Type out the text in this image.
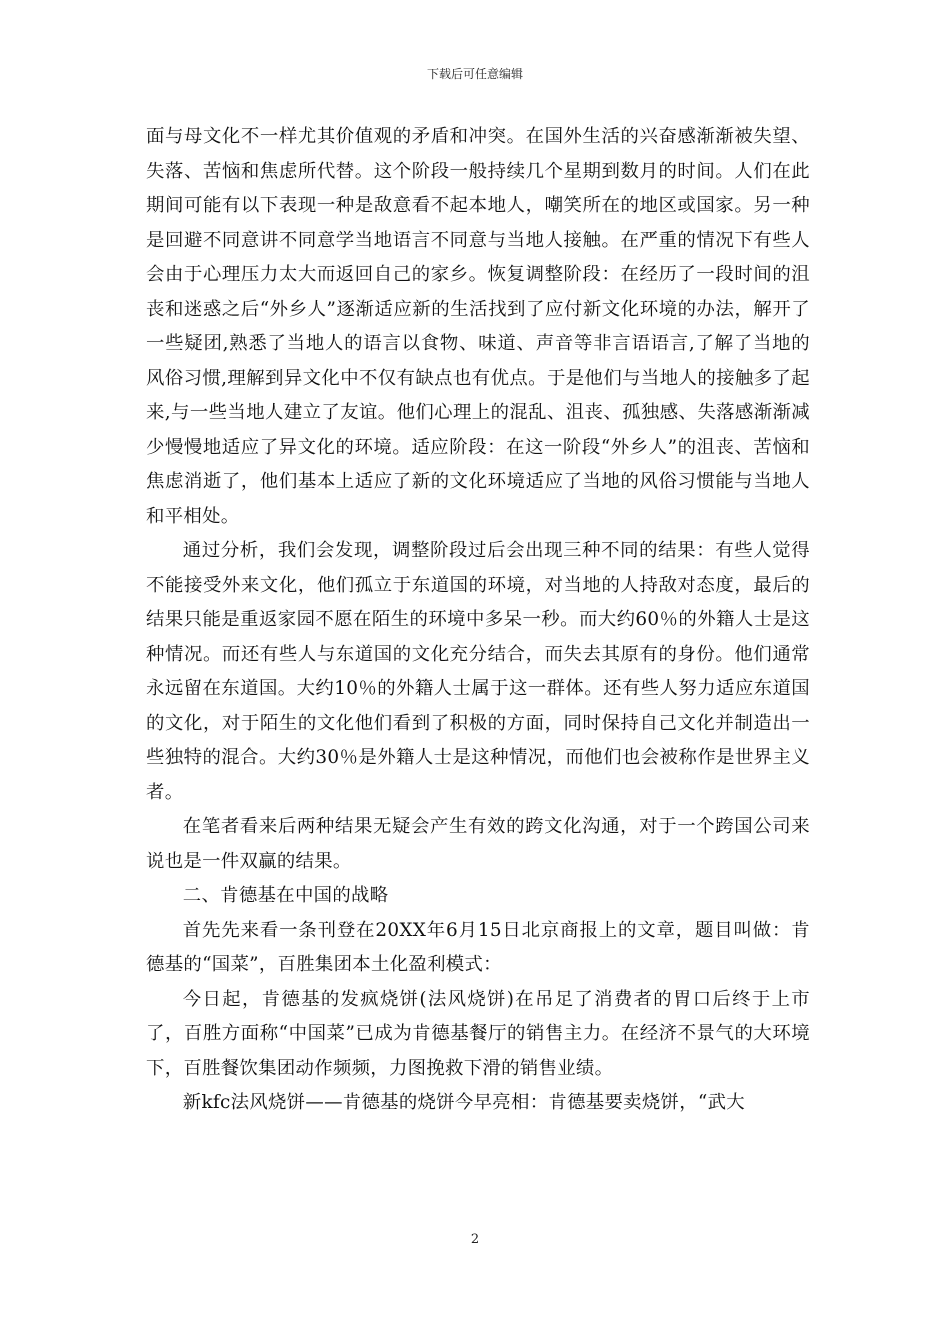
下载后可任意编辑

面与母文化不一样尤其价值观的矛盾和冲突。在国外生活的兴奋感渐渐被失望、失落、苦恼和焦虑所代替。这个阶段一般持续几个星期到数月的时间。人们在此期间可能有以下表现一种是敌意看不起本地人，嘲笑所在的地区或国家。另一种是回避不同意讲不同意学当地语言不同意与当地人接触。在严重的情况下有些人会由于心理压力太大而返回自己的家乡。恢复调整阶段：在经历了一段时间的沮丧和迷惑之后“外乡人”逐渐适应新的生活找到了应付新文化环境的办法，解开了一些疑团,熟悉了当地人的语言以食物、味道、声音等非言语语言,了解了当地的风俗习惯,理解到异文化中不仅有缺点也有优点。于是他们与当地人的接触多了起来,与一些当地人建立了友谊。他们心理上的混乱、沮丧、孤独感、失落感渐渐减少慢慢地适应了异文化的环境。适应阶段：在这一阶段“外乡人”的沮丧、苦恼和焦虑消逝了，他们基本上适应了新的文化环境适应了当地的风俗习惯能与当地人和平相处。

通过分析，我们会发现，调整阶段过后会出现三种不同的结果：有些人觉得不能接受外来文化，他们孤立于东道国的环境，对当地的人持敌对态度，最后的结果只能是重返家园不愿在陌生的环境中多呆一秒。而大约60％的外籍人士是这种情况。而还有些人与东道国的文化充分结合，而失去其原有的身份。他们通常永远留在东道国。大约10％的外籍人士属于这一群体。还有些人努力适应东道国的文化，对于陌生的文化他们看到了积极的方面，同时保持自己文化并制造出一些独特的混合。大约30％是外籍人士是这种情况，而他们也会被称作是世界主义者。

在笔者看来后两种结果无疑会产生有效的跨文化沟通，对于一个跨国公司来说也是一件双赢的结果。

二、肯德基在中国的战略

首先先来看一条刊登在20XX年6月15日北京商报上的文章，题目叫做：肯德基的“国菜”，百胜集团本土化盈利模式：

今日起，肯德基的发疯烧饼(法风烧饼)在吊足了消费者的胃口后终于上市了，百胜方面称“中国菜”已成为肯德基餐厅的销售主力。在经济不景气的大环境下，百胜餐饮集团动作频频，力图挽救下滑的销售业绩。

新kfc法风烧饼——肯德基的烧饼今早亮相：肯德基要卖烧饼，“武大

2
